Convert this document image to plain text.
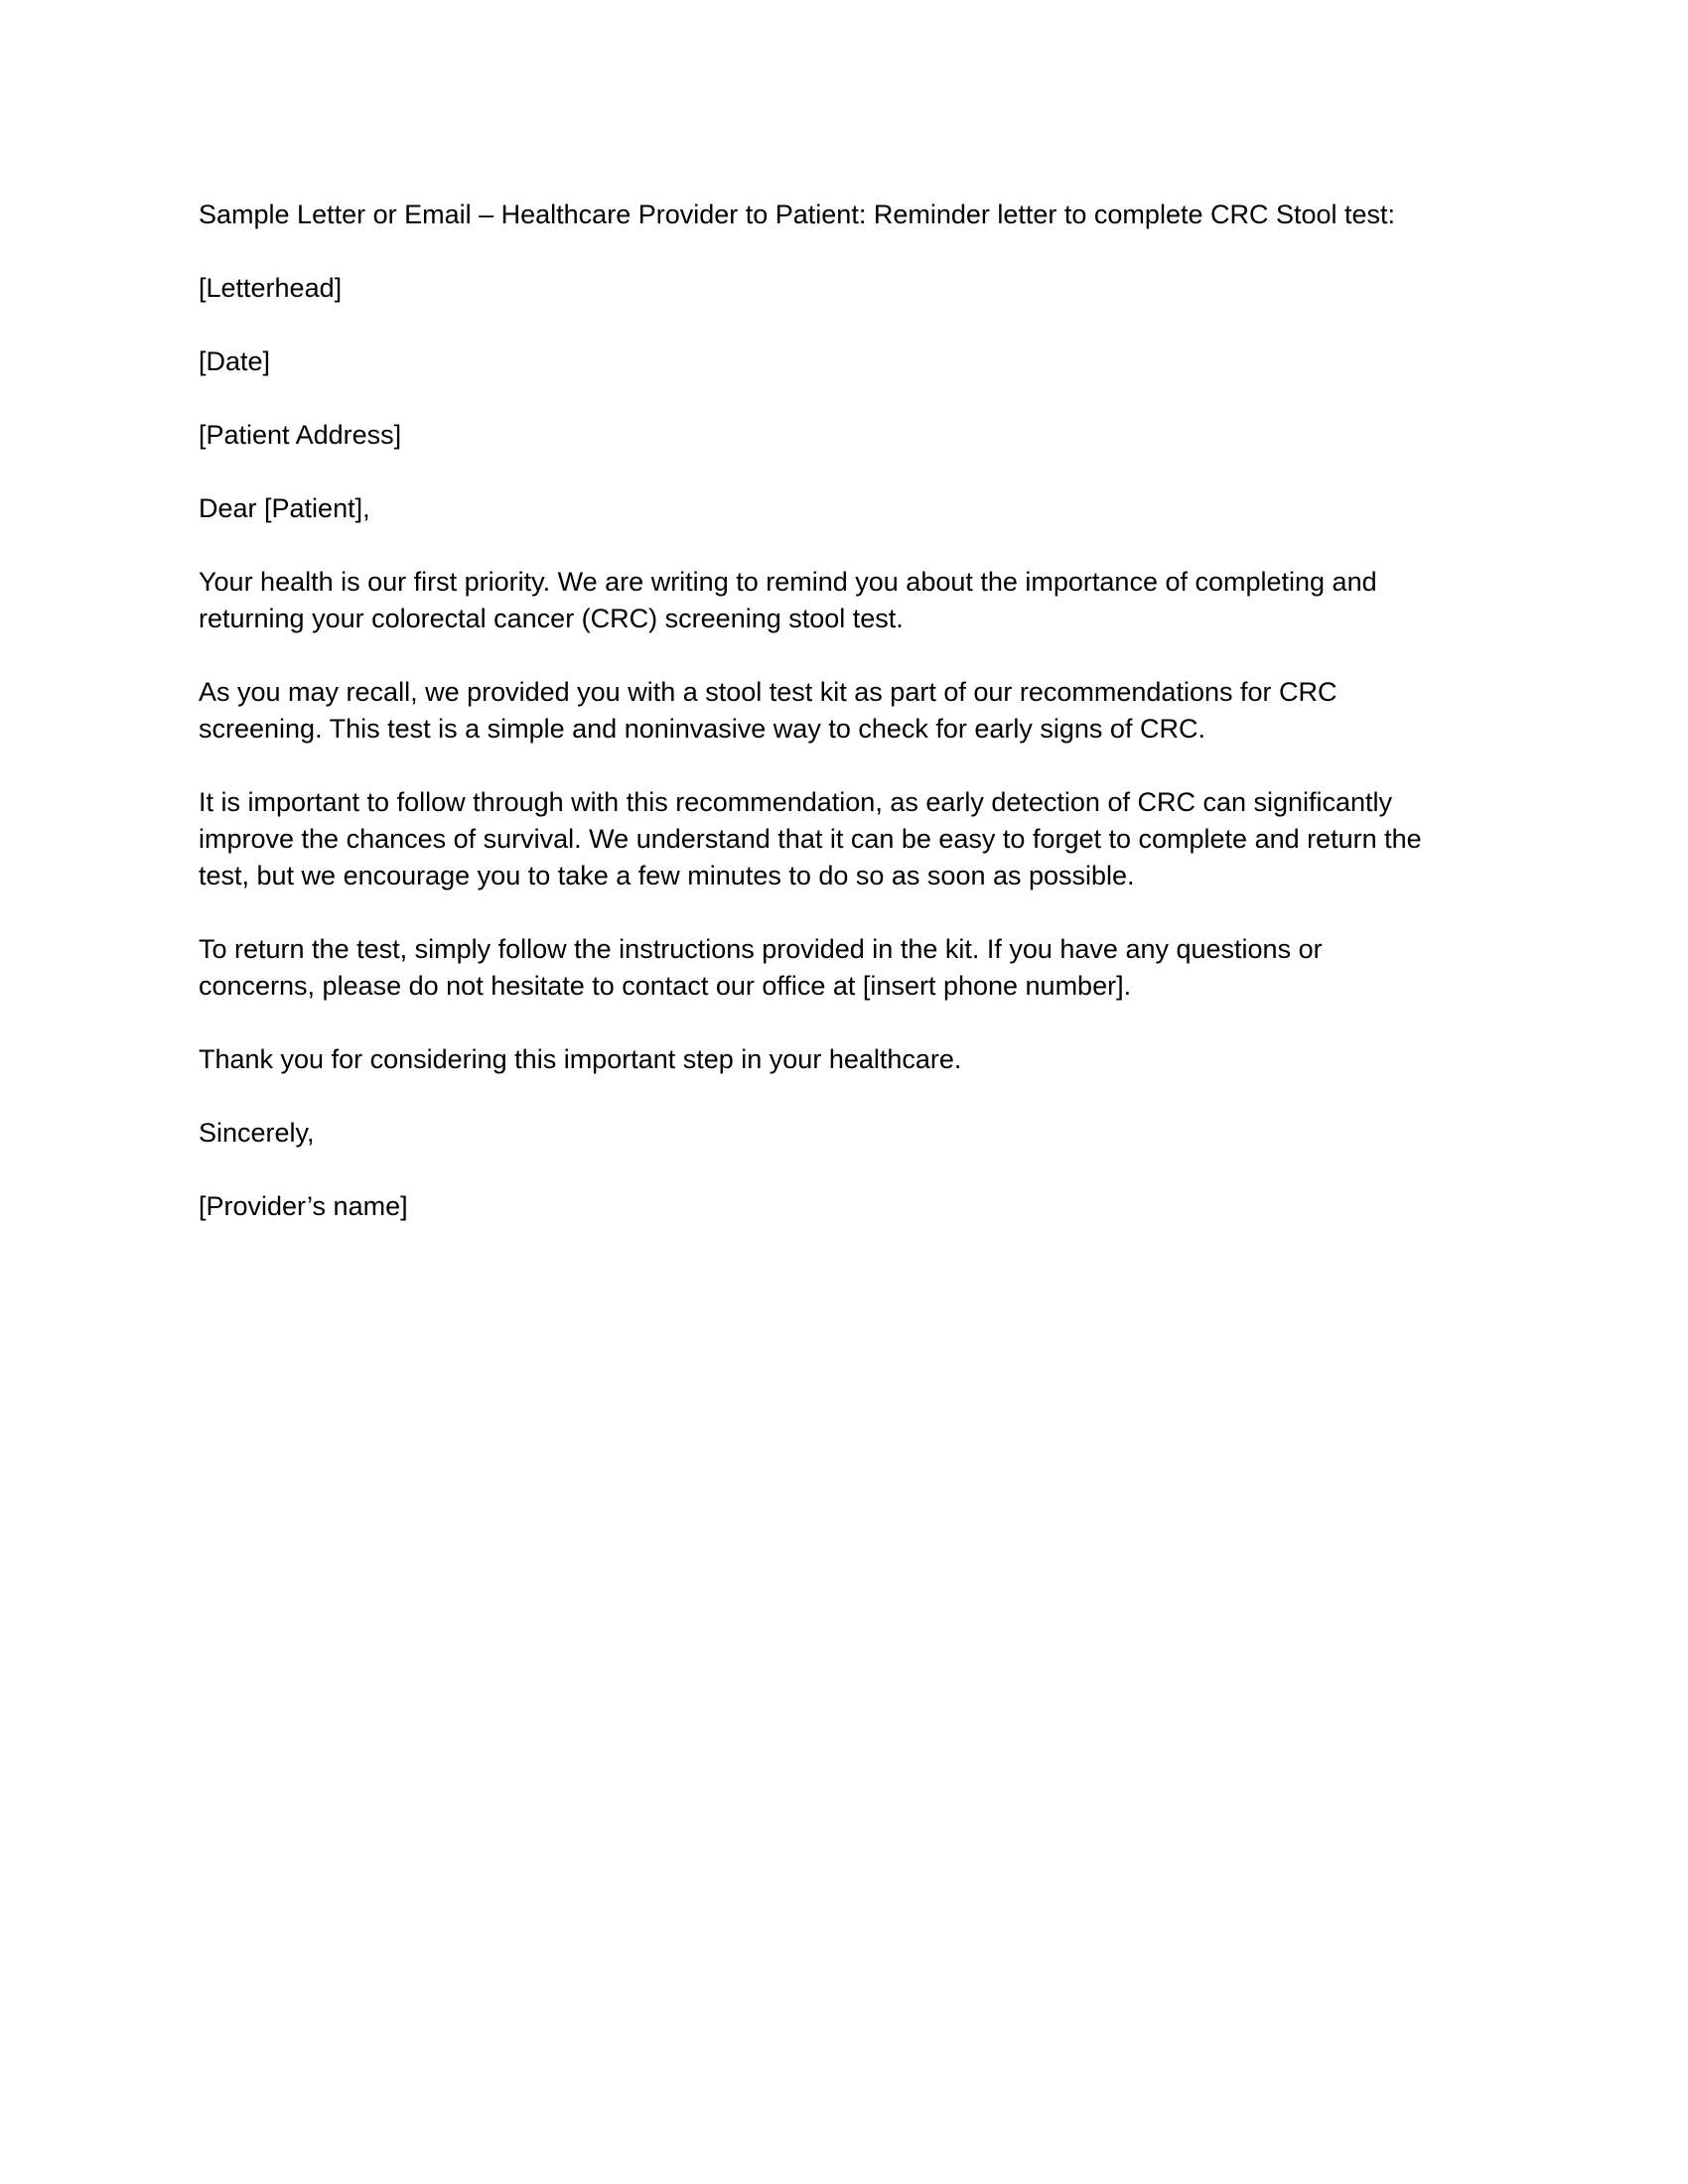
Sample Letter or Email – Healthcare Provider to Patient: Reminder letter to complete CRC Stool test:

[Letterhead]

[Date]

[Patient Address]

Dear [Patient],

Your health is our first priority. We are writing to remind you about the importance of completing and

returning your colorectal cancer (CRC) screening stool test.

As you may recall, we provided you with a stool test kit as part of our recommendations for CRC

screening. This test is a simple and noninvasive way to check for early signs of CRC.

It is important to follow through with this recommendation, as early detection of CRC can significantly

improve the chances of survival. We understand that it can be easy to forget to complete and return the

test, but we encourage you to take a few minutes to do so as soon as possible.

To return the test, simply follow the instructions provided in the kit. If you have any questions or

concerns, please do not hesitate to contact our office at [insert phone number].

Thank you for considering this important step in your healthcare.

Sincerely,

[Provider’s name]
